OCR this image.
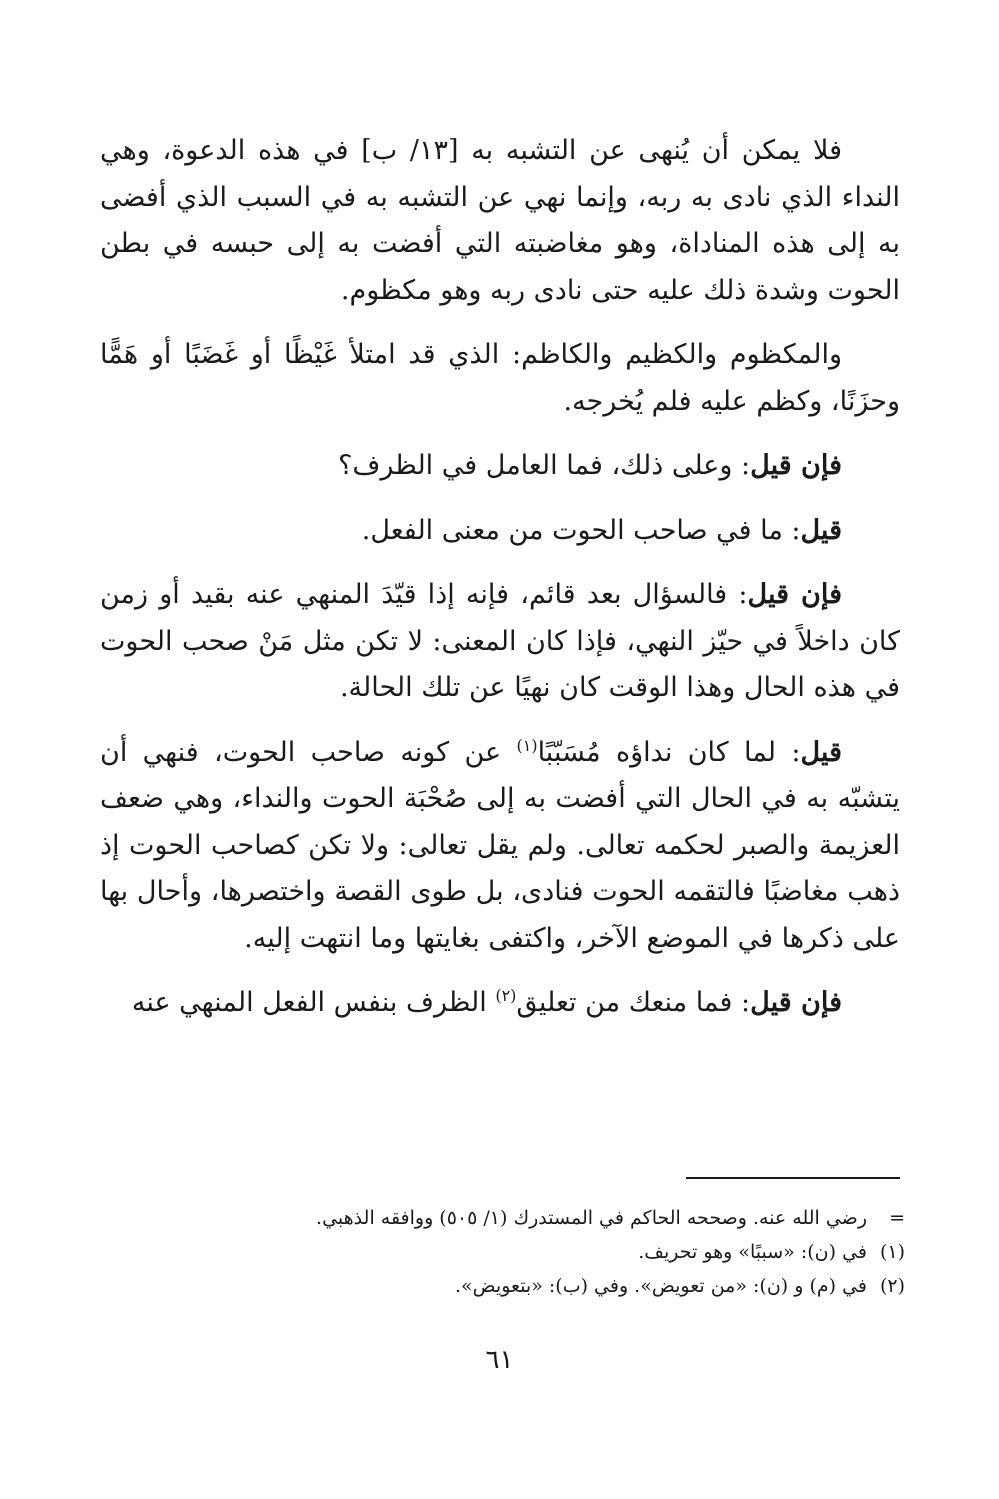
فلا يمكن أن يُنهى عن التشبه به [١٣/ ب] في هذه الدعوة، وهي النداء الذي نادى به ربه، وإنما نهي عن التشبه به في السبب الذي أفضى به إلى هذه المناداة، وهو مغاضبته التي أفضت به إلى حبسه في بطن الحوت وشدة ذلك عليه حتى نادى ربه وهو مكظوم.

والمكظوم والكظيم والكاظم: الذي قد امتلأ غَيْظًا أو غَضَبًا أو هَمًّا وحزَنًا، وكظم عليه فلم يُخرجه.

فإن قيل: وعلى ذلك، فما العامل في الظرف؟

قيل: ما في صاحب الحوت من معنى الفعل.

فإن قيل: فالسؤال بعد قائم، فإنه إذا قيّدَ المنهي عنه بقيد أو زمن كان داخلاً في حيّز النهي، فإذا كان المعنى: لا تكن مثل مَنْ صحب الحوت في هذه الحال وهذا الوقت كان نهيًا عن تلك الحالة.

قيل: لما كان نداؤه مُسَبّبًا$^{(١)}$ عن كونه صاحب الحوت، فنهي أن يتشبّه به في الحال التي أفضت به إلى صُحْبَة الحوت والنداء، وهي ضعف العزيمة والصبر لحكمه تعالى. ولم يقل تعالى: ولا تكن كصاحب الحوت إذ ذهب مغاضبًا فالتقمه الحوت فنادى، بل طوى القصة واختصرها، وأحال بها على ذكرها في الموضع الآخر، واكتفى بغايتها وما انتهت إليه.

فإن قيل: فما منعك من تعليق$^{(٢)}$ الظرف بنفس الفعل المنهي عنه

=
رضي الله عنه. وصححه الحاكم في المستدرك (١/ ٥٠٥) ووافقه الذهبي.
(١)
في (ن): «سببًا» وهو تحريف.
(٢)
في (م) و (ن): «من تعويض». وفي (ب): «بتعويض».
٦١
